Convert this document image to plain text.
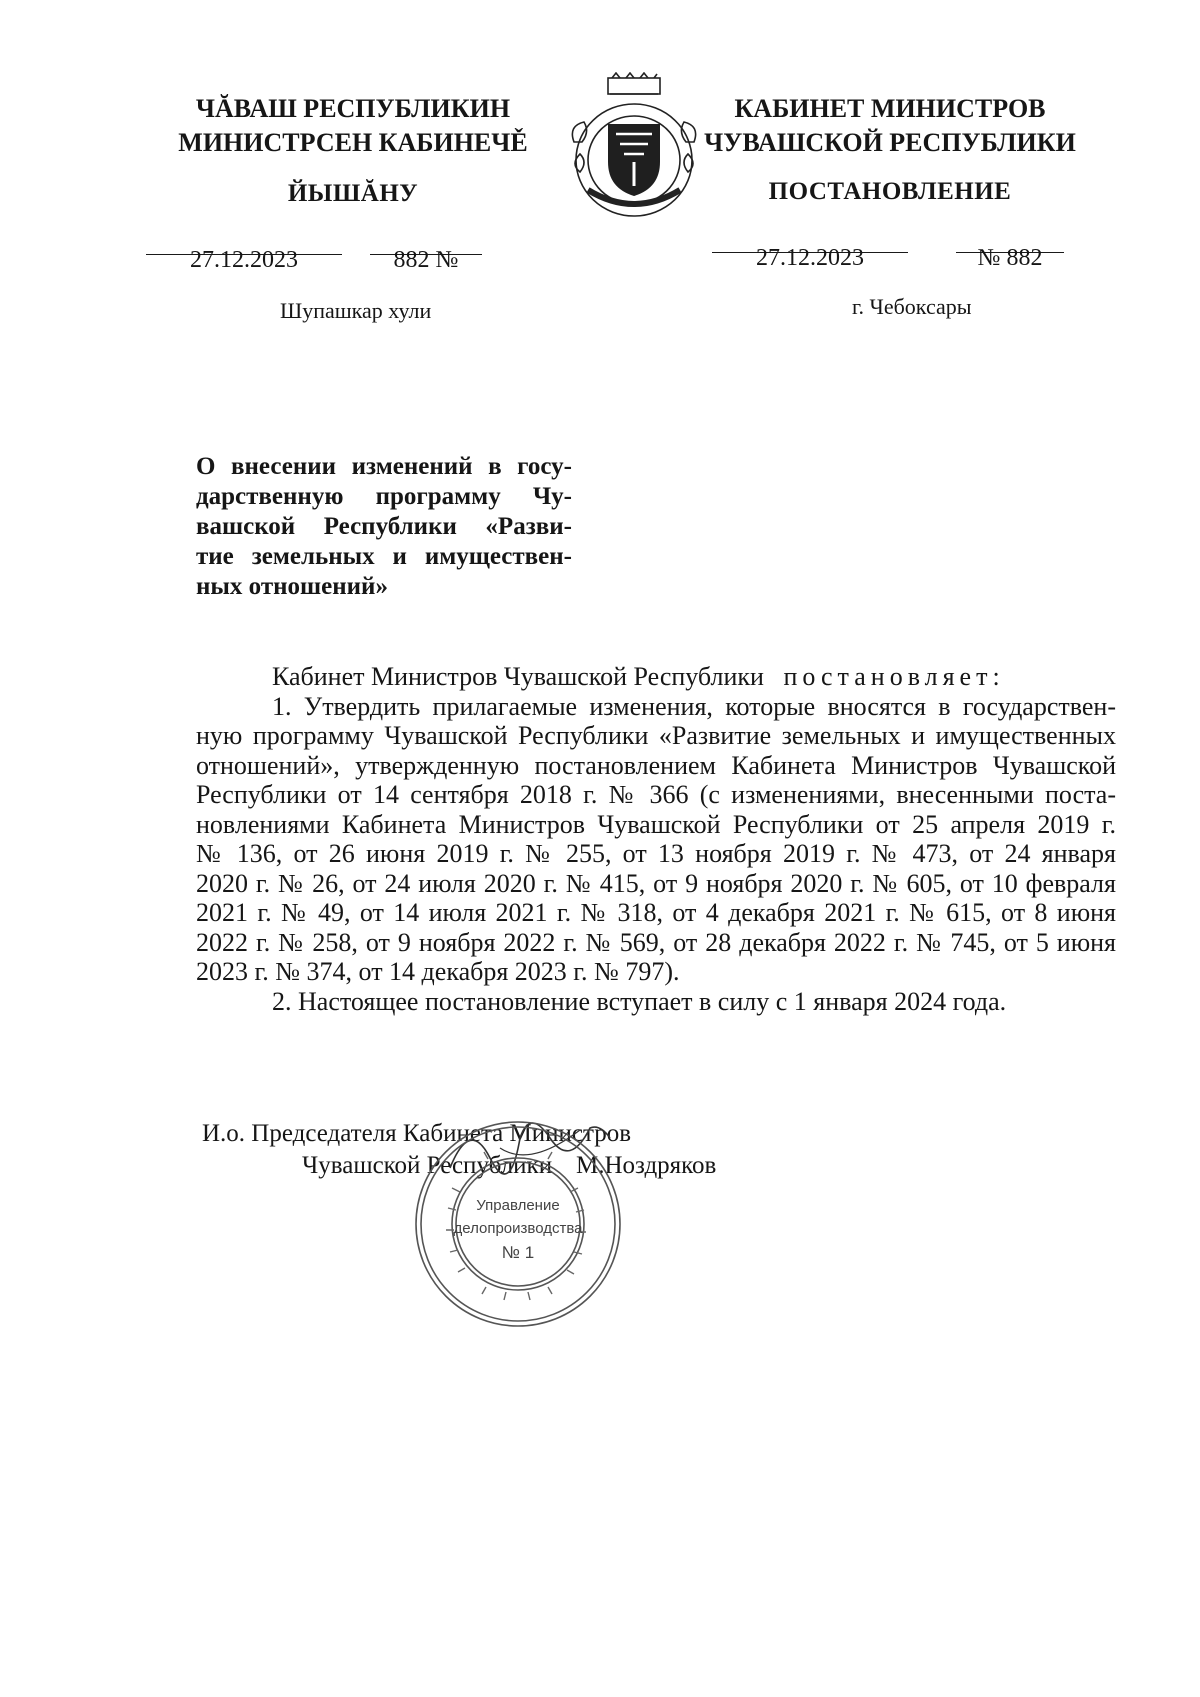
ЧĂВАШ РЕСПУБЛИКИН
МИНИСТРСЕН КАБИНЕЧĚ
ЙЫШĂНУ
КАБИНЕТ МИНИСТРОВ
ЧУВАШСКОЙ РЕСПУБЛИКИ
ПОСТАНОВЛЕНИЕ
27.12.2023	882 №
Шупашкар хули
27.12.2023	№ 882
г. Чебоксары
О внесении изменений в госу-
дарственную программу Чу-
вашской Республики «Разви-
тие земельных и имуществен-
ных отношений»
Кабинет Министров Чувашской Республики постановляет:
1. Утвердить прилагаемые изменения, которые вносятся в государствен-
ную программу Чувашской Республики «Развитие земельных и имущественных
отношений», утвержденную постановлением Кабинета Министров Чувашской
Республики от 14 сентября 2018 г. № 366 (с изменениями, внесенными поста-
новлениями Кабинета Министров Чувашской Республики от 25 апреля 2019 г.
№ 136, от 26 июня 2019 г. № 255, от 13 ноября 2019 г. № 473, от 24 января
2020 г. № 26, от 24 июля 2020 г. № 415, от 9 ноября 2020 г. № 605, от 10 февраля
2021 г. № 49, от 14 июля 2021 г. № 318, от 4 декабря 2021 г. № 615, от 8 июня
2022 г. № 258, от 9 ноября 2022 г. № 569, от 28 декабря 2022 г. № 745, от 5 июня
2023 г. № 374, от 14 декабря 2023 г. № 797).
2. Настоящее постановление вступает в силу с 1 января 2024 года.
И.о. Председателя Кабинета Министров
Чувашской Республики М.Ноздряков
Управление
делопроизводства
№ 1
